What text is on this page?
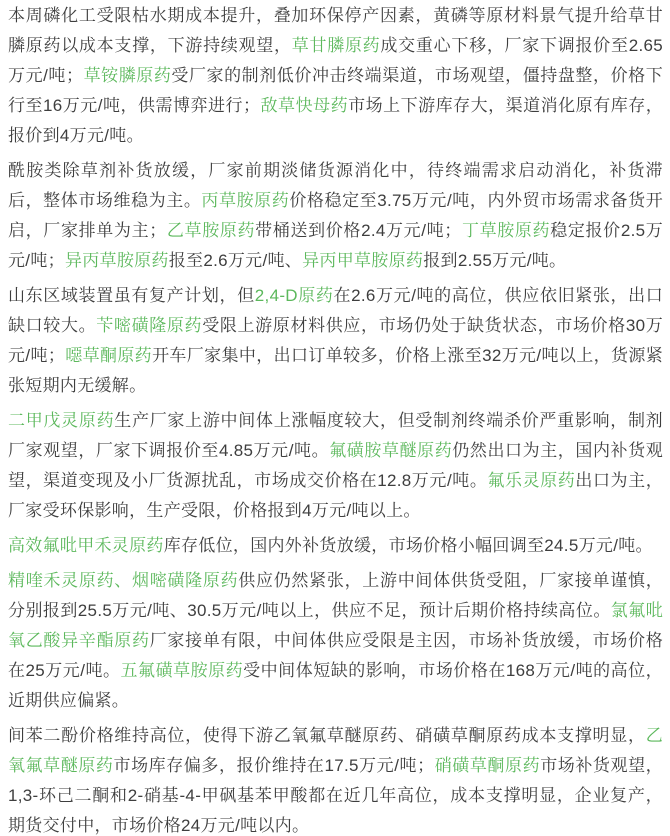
本周磷化工受限枯水期成本提升，叠加环保停产因素，黄磷等原材料景气提升给草甘膦原药以成本支撑，下游持续观望，草甘膦原药成交重心下移，厂家下调报价至2.65万元/吨；草铵膦原药受厂家的制剂低价冲击终端渠道，市场观望，僵持盘整，价格下行至16万元/吨，供需博弈进行；敌草快母药市场上下游库存大，渠道消化原有库存，报价到4万元/吨。

酰胺类除草剂补货放缓，厂家前期淡储货源消化中，待终端需求启动消化，补货滞后，整体市场维稳为主。丙草胺原药价格稳定至3.75万元/吨，内外贸市场需求备货开启，厂家排单为主；乙草胺原药带桶送到价格2.4万元/吨；丁草胺原药稳定报价2.5万元/吨；异丙草胺原药报至2.6万元/吨、异丙甲草胺原药报到2.55万元/吨。

山东区域装置虽有复产计划，但2,4-D原药在2.6万元/吨的高位，供应依旧紧张，出口缺口较大。苄嘧磺隆原药受限上游原材料供应，市场仍处于缺货状态，市场价格30万元/吨；噁草酮原药开车厂家集中，出口订单较多，价格上涨至32万元/吨以上，货源紧张短期内无缓解。

二甲戊灵原药生产厂家上游中间体上涨幅度较大，但受制剂终端杀价严重影响，制剂厂家观望，厂家下调报价至4.85万元/吨。氟磺胺草醚原药仍然出口为主，国内补货观望，渠道变现及小厂货源扰乱，市场成交价格在12.8万元/吨。氟乐灵原药出口为主，厂家受环保影响，生产受限，价格报到4万元/吨以上。

高效氟吡甲禾灵原药库存低位，国内外补货放缓，市场价格小幅回调至24.5万元/吨。

精喹禾灵原药、烟嘧磺隆原药供应仍然紧张，上游中间体供货受阻，厂家接单谨慎，分别报到25.5万元/吨、30.5万元/吨以上，供应不足，预计后期价格持续高位。氯氟吡氧乙酸异辛酯原药厂家接单有限，中间体供应受限是主因，市场补货放缓，市场价格在25万元/吨。五氟磺草胺原药受中间体短缺的影响，市场价格在168万元/吨的高位，近期供应偏紧。

间苯二酚价格维持高位，使得下游乙氧氟草醚原药、硝磺草酮原药成本支撑明显，乙氧氟草醚原药市场库存偏多，报价维持在17.5万元/吨；硝磺草酮原药市场补货观望，1,3-环己二酮和2-硝基-4-甲砜基苯甲酸都在近几年高位，成本支撑明显，企业复产，期货交付中，市场价格24万元/吨以内。
